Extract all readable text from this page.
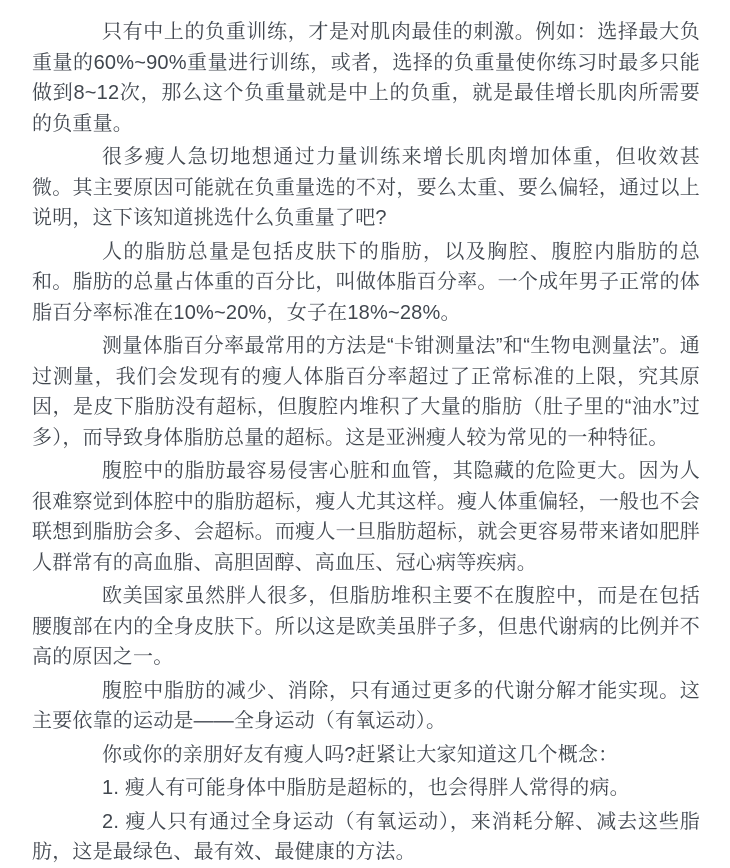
只有中上的负重训练，才是对肌肉最佳的刺激。例如：选择最大负重量的60%~90%重量进行训练，或者，选择的负重量使你练习时最多只能做到8~12次，那么这个负重量就是中上的负重，就是最佳增长肌肉所需要的负重量。

很多瘦人急切地想通过力量训练来增长肌肉增加体重，但收效甚微。其主要原因可能就在负重量选的不对，要么太重、要么偏轻，通过以上说明，这下该知道挑选什么负重量了吧?

人的脂肪总量是包括皮肤下的脂肪，以及胸腔、腹腔内脂肪的总和。脂肪的总量占体重的百分比，叫做体脂百分率。一个成年男子正常的体脂百分率标准在10%~20%，女子在18%~28%。

测量体脂百分率最常用的方法是“卡钳测量法”和“生物电测量法”。通过测量，我们会发现有的瘦人体脂百分率超过了正常标准的上限，究其原因，是皮下脂肪没有超标，但腹腔内堆积了大量的脂肪（肚子里的“油水”过多），而导致身体脂肪总量的超标。这是亚洲瘦人较为常见的一种特征。

腹腔中的脂肪最容易侵害心脏和血管，其隐藏的危险更大。因为人很难察觉到体腔中的脂肪超标，瘦人尤其这样。瘦人体重偏轻，一般也不会联想到脂肪会多、会超标。而瘦人一旦脂肪超标，就会更容易带来诸如肥胖人群常有的高血脂、高胆固醇、高血压、冠心病等疾病。

欧美国家虽然胖人很多，但脂肪堆积主要不在腹腔中，而是在包括腰腹部在内的全身皮肤下。所以这是欧美虽胖子多，但患代谢病的比例并不高的原因之一。

腹腔中脂肪的减少、消除，只有通过更多的代谢分解才能实现。这主要依靠的运动是——全身运动（有氧运动）。

你或你的亲朋好友有瘦人吗?赶紧让大家知道这几个概念：

1. 瘦人有可能身体中脂肪是超标的，也会得胖人常得的病。

2. 瘦人只有通过全身运动（有氧运动），来消耗分解、减去这些脂肪，这是最绿色、最有效、最健康的方法。
